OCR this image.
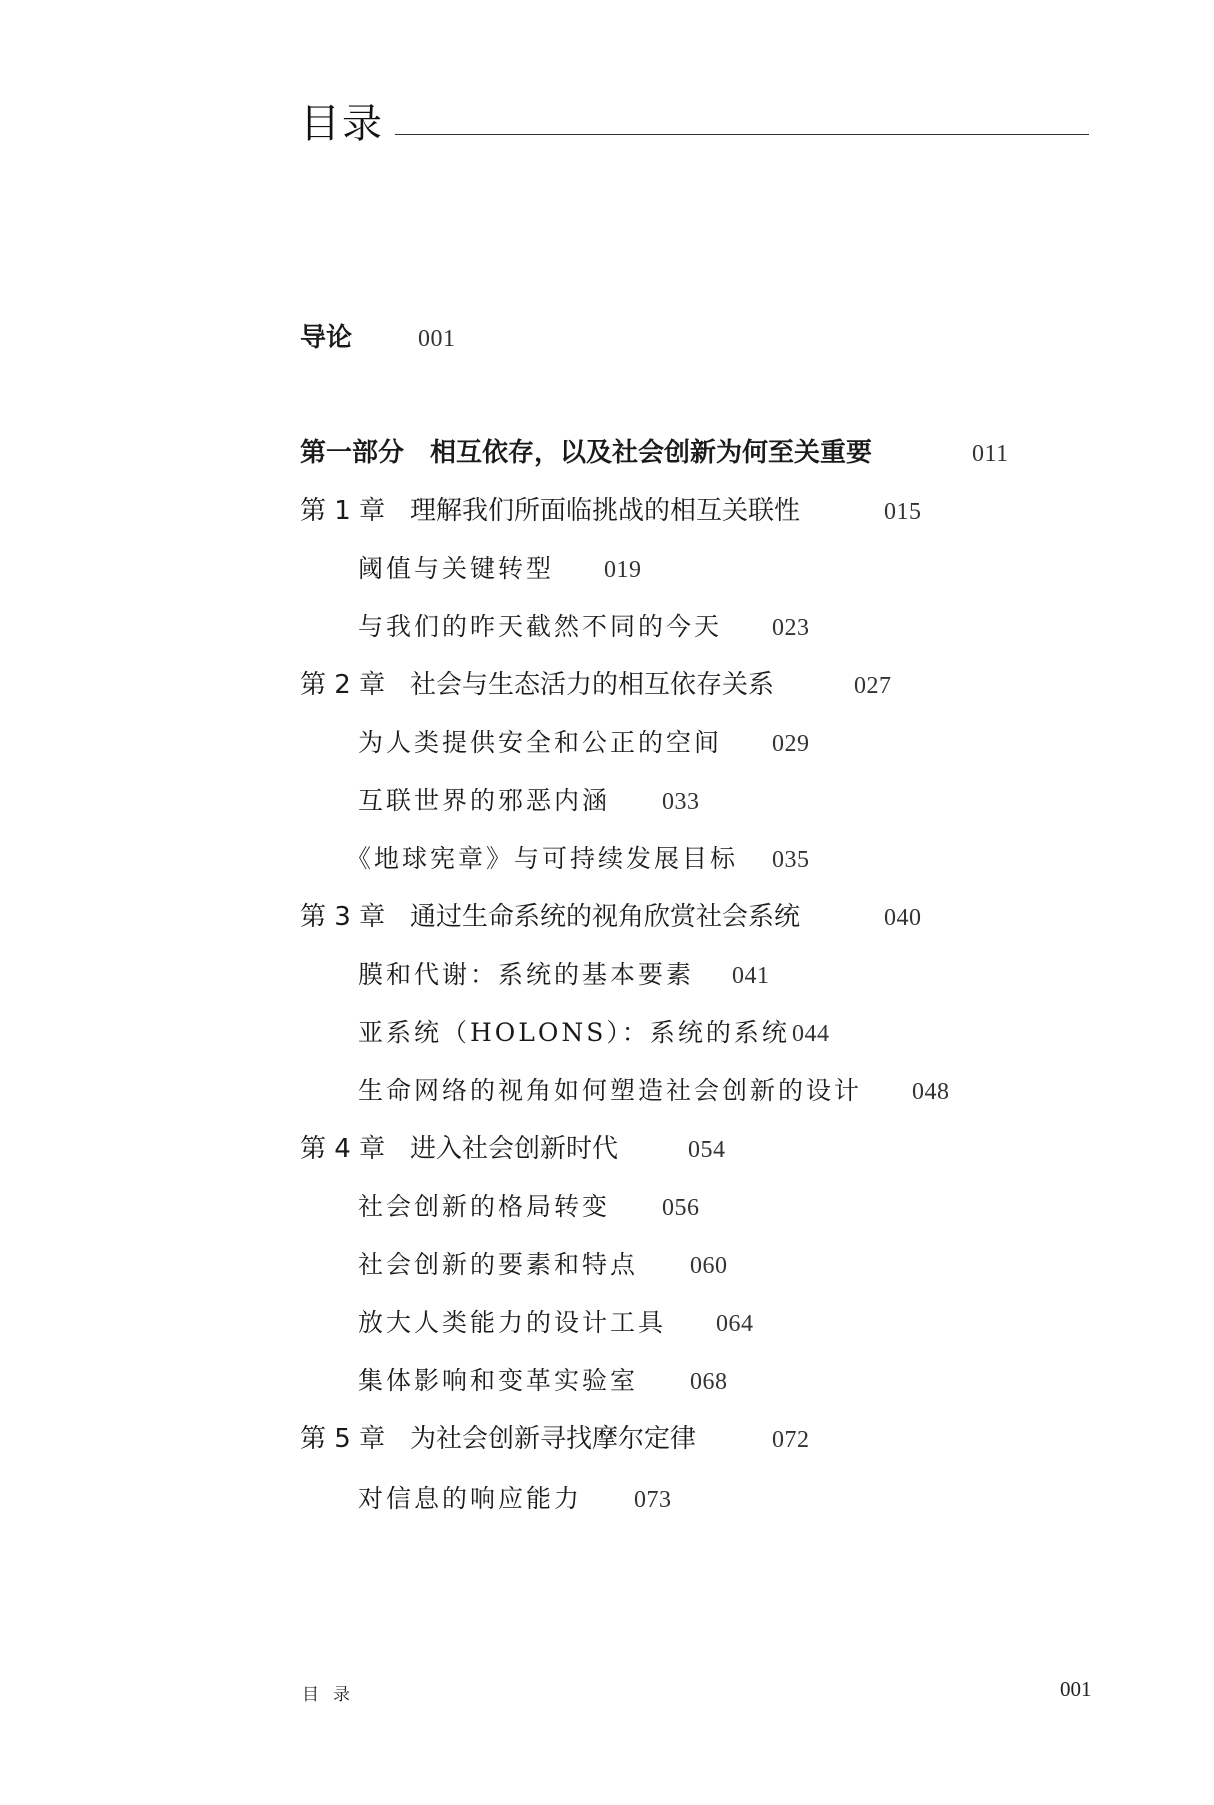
目录
导论	001
第一部分　相互依存，以及社会创新为何至关重要	011
第 1 章 理解我们所面临挑战的相互关联性	015
阈值与关键转型 019
与我们的昨天截然不同的今天 023
第 2 章 社会与生态活力的相互依存关系	027
为人类提供安全和公正的空间 029
互联世界的邪恶内涵 033
《地球宪章》与可持续发展目标 035
第 3 章 通过生命系统的视角欣赏社会系统	040
膜和代谢：系统的基本要素 041
亚系统（HOLONS）：系统的系统044
生命网络的视角如何塑造社会创新的设计 048
第 4 章 进入社会创新时代	054
社会创新的格局转变 056
社会创新的要素和特点 060
放大人类能力的设计工具 064
集体影响和变革实验室 068
第 5 章 为社会创新寻找摩尔定律	072
对信息的响应能力 073
目录	001
